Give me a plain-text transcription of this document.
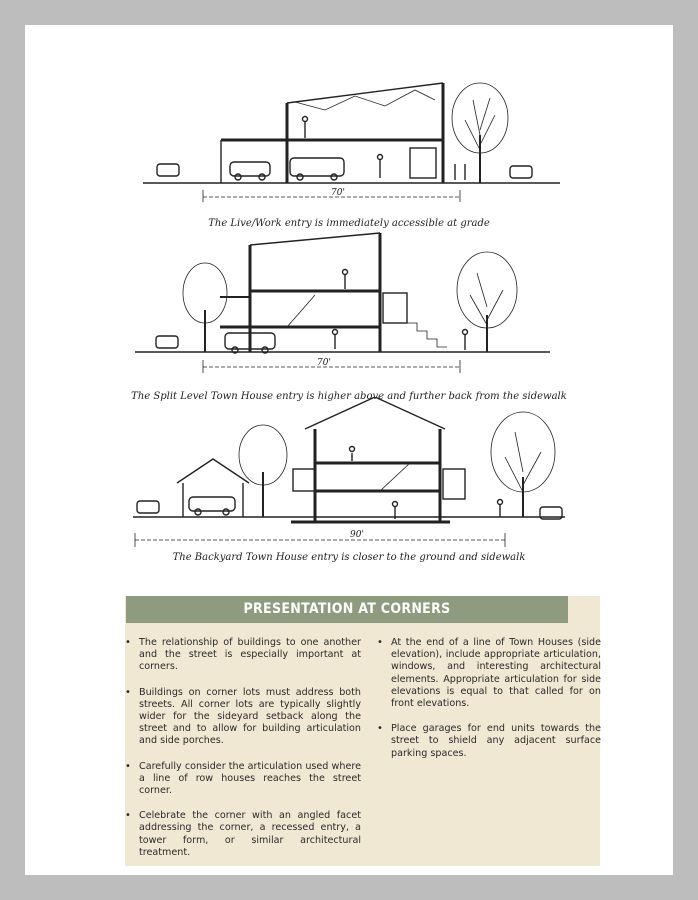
70'
The Live/Work entry is immediately accessible at grade
70'
The Split Level Town House entry is higher above and further back from the sidewalk
90'
The Backyard Town House entry is closer to the ground and sidewalk
PRESENTATION AT CORNERS
• The relationship of buildings to one another and the street is especially important at corners.
• Buildings on corner lots must address both streets. All corner lots are typically slightly wider for the sideyard setback along the street and to allow for building articulation and side porches.
• Carefully consider the articulation used where a line of row houses reaches the street corner.
• Celebrate the corner with an angled facet addressing the corner, a recessed entry, a tower form, or similar architectural treatment.
• At the end of a line of Town Houses (side elevation), include appropriate articulation, windows, and interesting architectural elements. Appropriate articulation for side elevations is equal to that called for on front elevations.
• Place garages for end units towards the street to shield any adjacent surface parking spaces.
